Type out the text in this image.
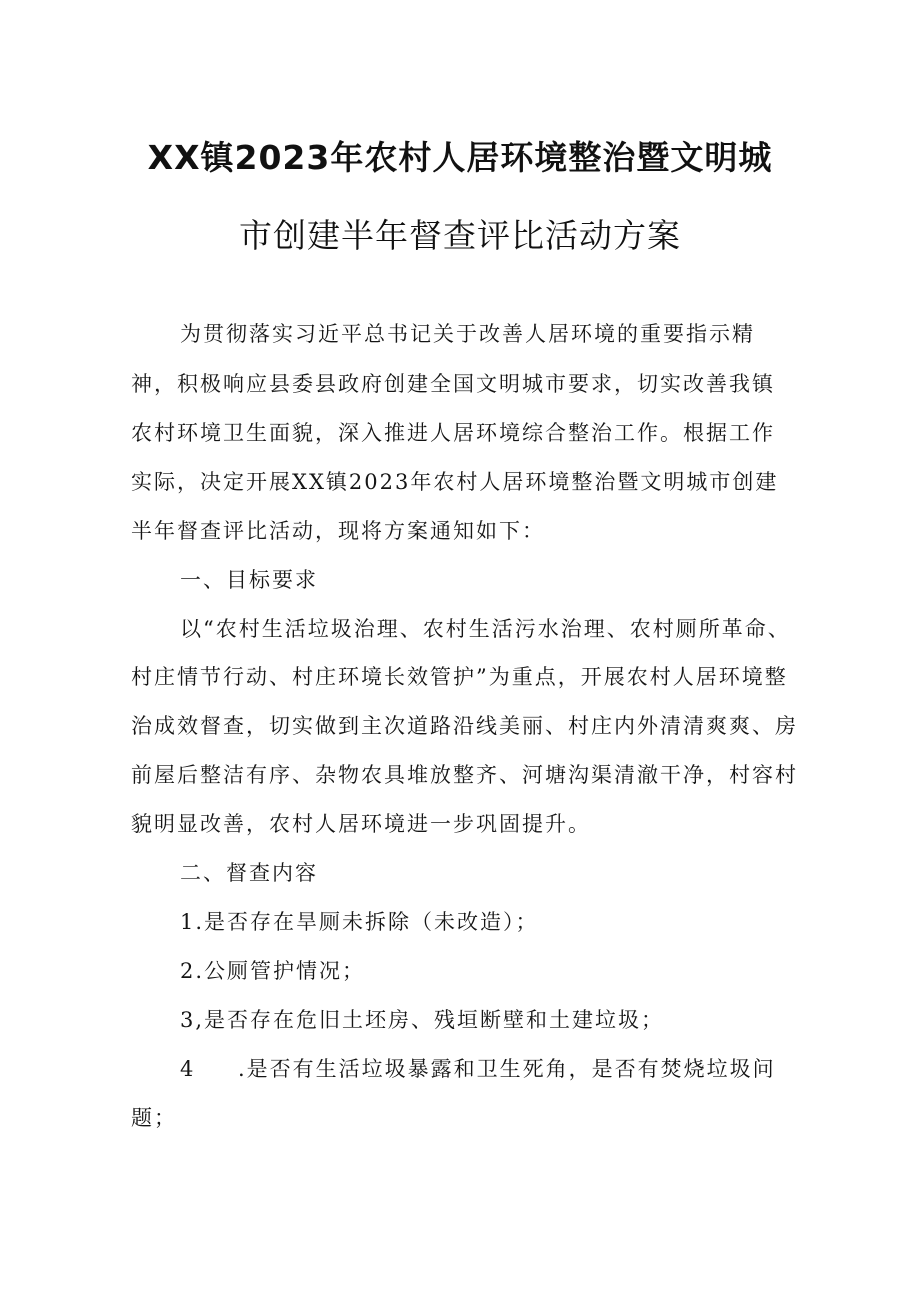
XX镇2023年农村人居环境整治暨文明城
市创建半年督查评比活动方案
为贯彻落实习近平总书记关于改善人居环境的重要指示精
神，积极响应县委县政府创建全国文明城市要求，切实改善我镇
农村环境卫生面貌，深入推进人居环境综合整治工作。根据工作
实际，决定开展XX镇2023年农村人居环境整治暨文明城市创建
半年督查评比活动，现将方案通知如下：
一、目标要求
以“农村生活垃圾治理、农村生活污水治理、农村厕所革命、
村庄情节行动、村庄环境长效管护”为重点，开展农村人居环境整
治成效督查，切实做到主次道路沿线美丽、村庄内外清清爽爽、房
前屋后整洁有序、杂物农具堆放整齐、河塘沟渠清澈干净，村容村
貌明显改善，农村人居环境进一步巩固提升。
二、督查内容
1.是否存在旱厕未拆除（未改造）；
2.公厕管护情况；
3,是否存在危旧土坯房、残垣断壁和土建垃圾；
4 .是否有生活垃圾暴露和卫生死角，是否有焚烧垃圾问
题；
